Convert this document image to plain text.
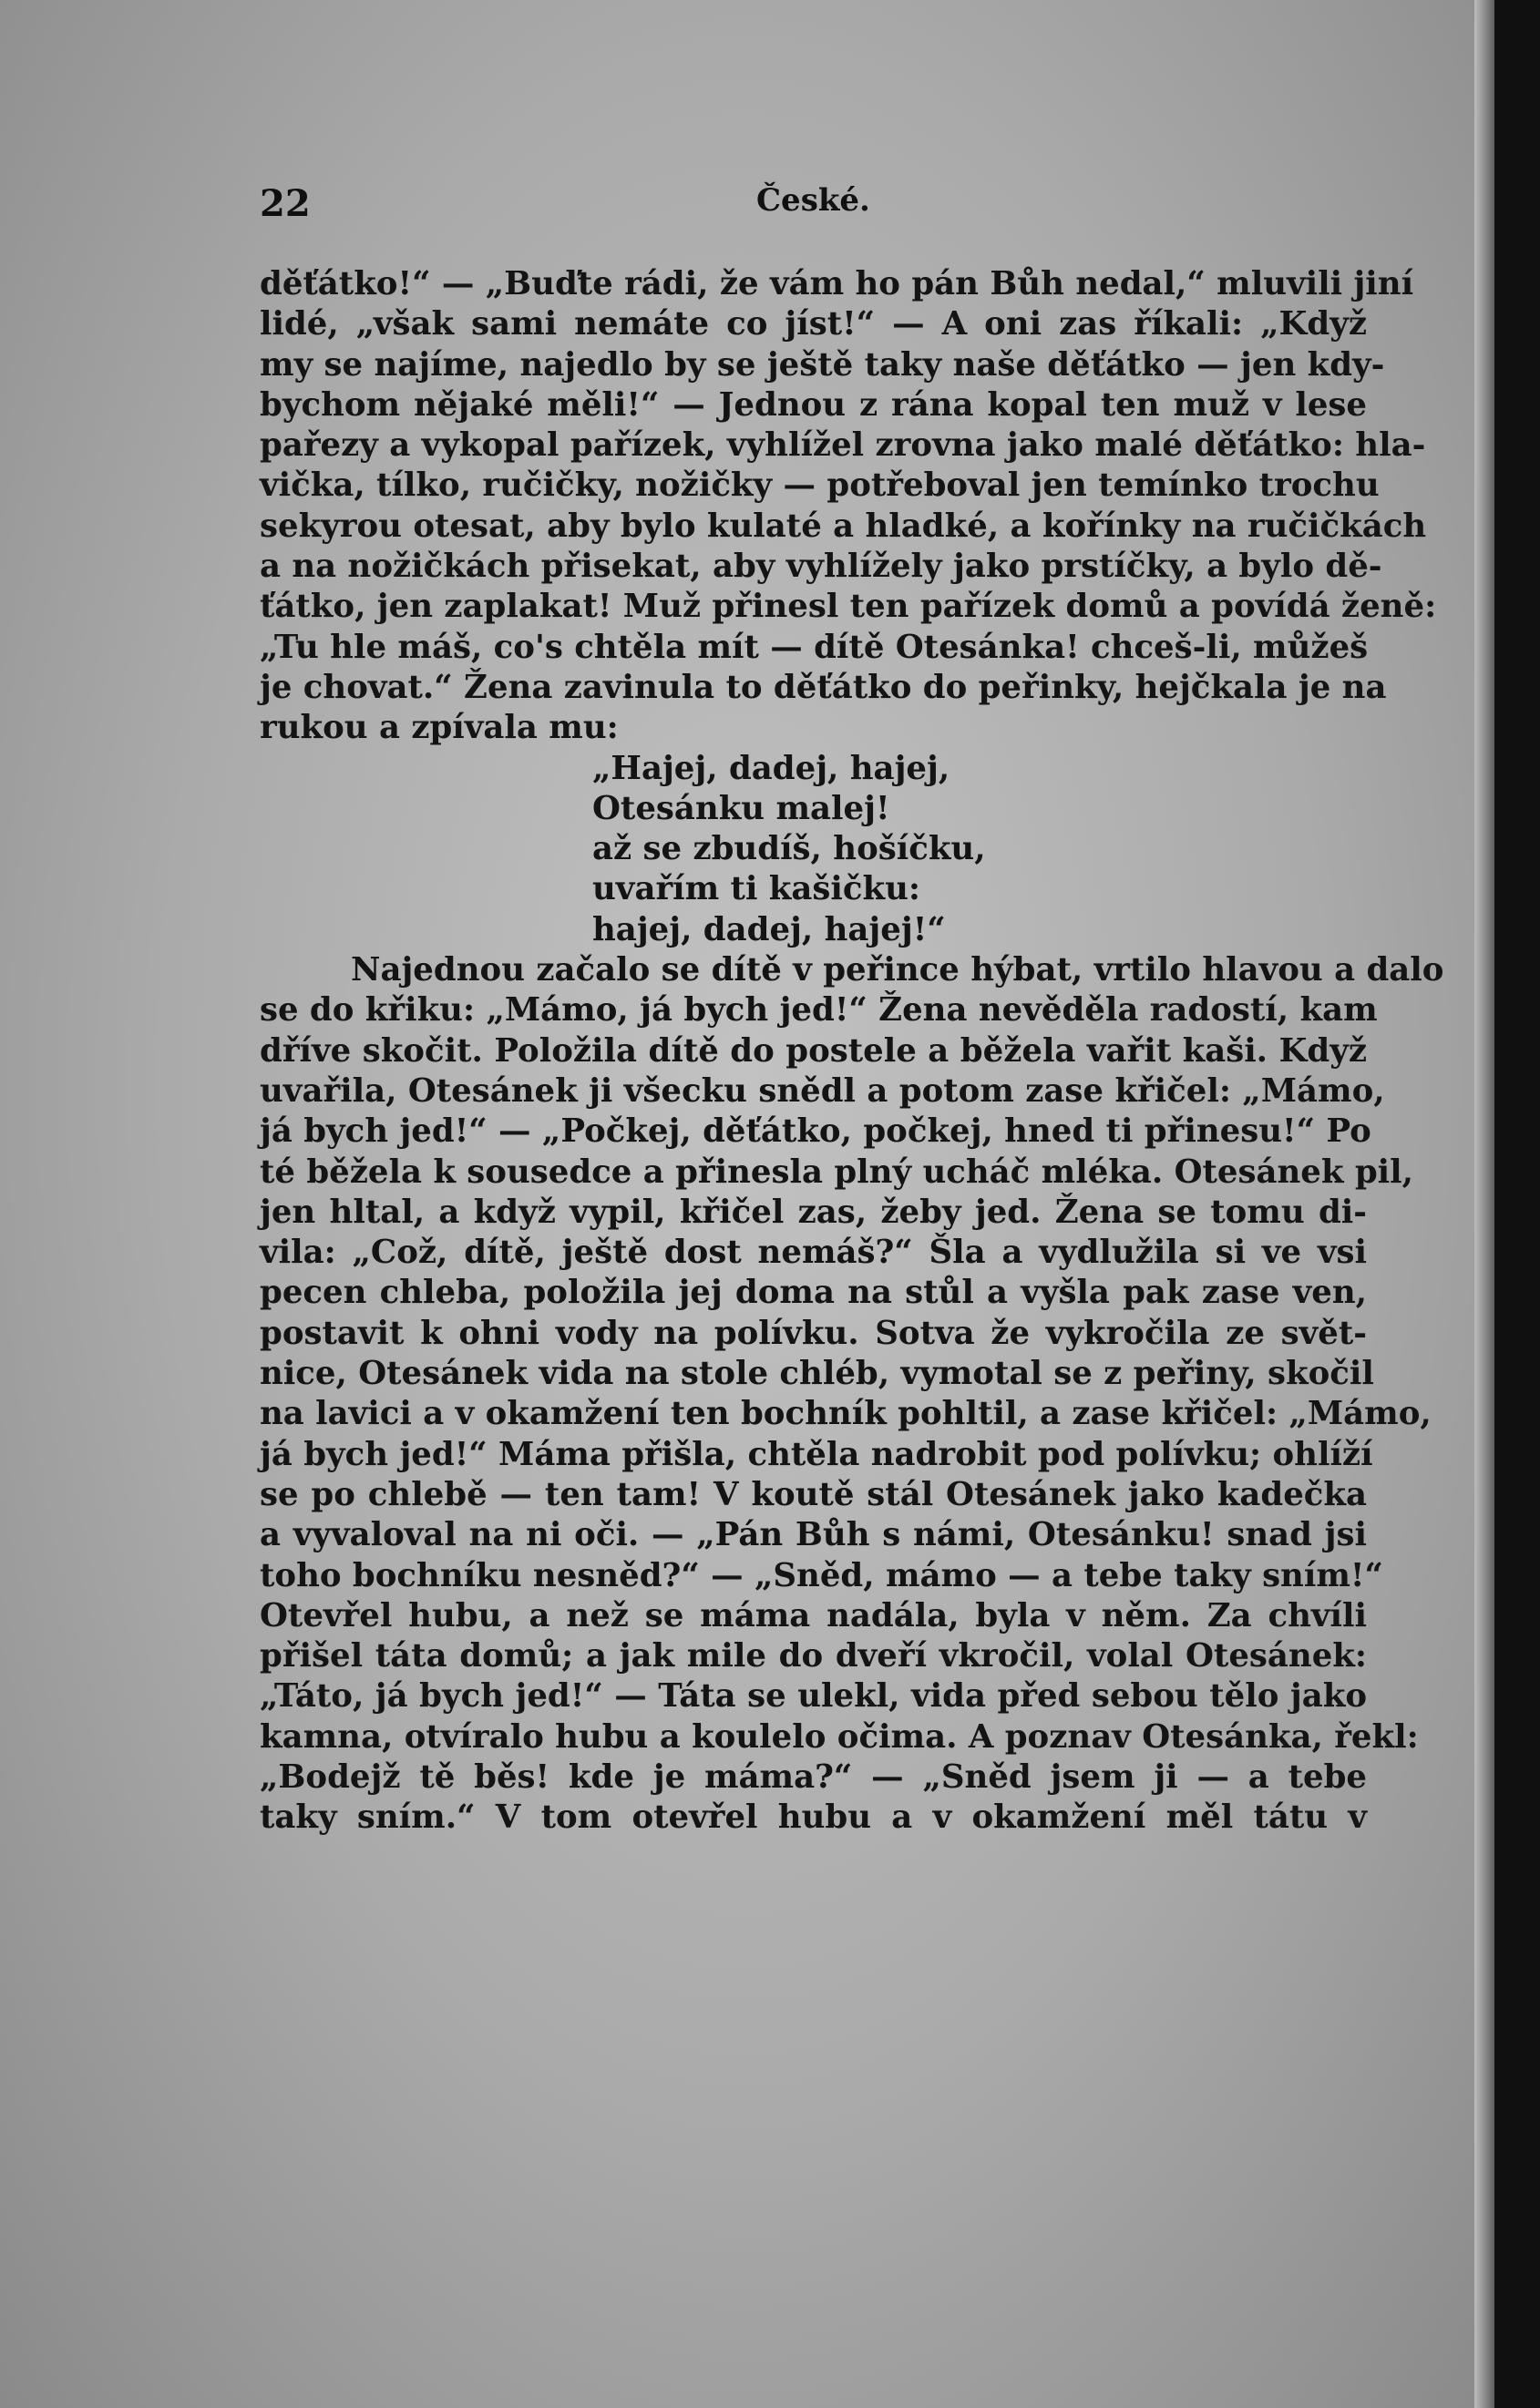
22	České.
děťátko!“ — „Buďte rádi, že vám ho pán Bůh nedal,“ mluvili jiní
lidé, „však sami nemáte co jíst!“ — A oni zas říkali: „Když
my se najíme, najedlo by se ještě taky naše děťátko — jen kdy-
bychom nějaké měli!“ — Jednou z rána kopal ten muž v lese
pařezy a vykopal pařízek, vyhlížel zrovna jako malé děťátko: hla-
vička, tílko, ručičky, nožičky — potřeboval jen temínko trochu
sekyrou otesat, aby bylo kulaté a hladké, a kořínky na ručičkách
a na nožičkách přisekat, aby vyhlížely jako prstíčky, a bylo dě-
ťátko, jen zaplakat! Muž přinesl ten pařízek domů a povídá ženě:
„Tu hle máš, co's chtěla mít — dítě Otesánka! chceš-li, můžeš
je chovat.“ Žena zavinula to děťátko do peřinky, hejčkala je na
rukou a zpívala mu:
„Hajej, dadej, hajej,
Otesánku malej!
až se zbudíš, hošíčku,
uvařím ti kašičku:
hajej, dadej, hajej!“
Najednou začalo se dítě v peřince hýbat, vrtilo hlavou a dalo
se do křiku: „Mámo, já bych jed!“ Žena nevěděla radostí, kam
dříve skočit. Položila dítě do postele a běžela vařit kaši. Když
uvařila, Otesánek ji všecku snědl a potom zase křičel: „Mámo,
já bych jed!“ — „Počkej, děťátko, počkej, hned ti přinesu!“ Po
té běžela k sousedce a přinesla plný ucháč mléka. Otesánek pil,
jen hltal, a když vypil, křičel zas, žeby jed. Žena se tomu di-
vila: „Což, dítě, ještě dost nemáš?“ Šla a vydlužila si ve vsi
pecen chleba, položila jej doma na stůl a vyšla pak zase ven,
postavit k ohni vody na polívku. Sotva že vykročila ze svět-
nice, Otesánek vida na stole chléb, vymotal se z peřiny, skočil
na lavici a v okamžení ten bochník pohltil, a zase křičel: „Mámo,
já bych jed!“ Máma přišla, chtěla nadrobit pod polívku; ohlíží
se po chlebě — ten tam! V koutě stál Otesánek jako kadečka
a vyvaloval na ni oči. — „Pán Bůh s námi, Otesánku! snad jsi
toho bochníku nesněd?“ — „Sněd, mámo — a tebe taky sním!“
Otevřel hubu, a než se máma nadála, byla v něm. Za chvíli
přišel táta domů; a jak mile do dveří vkročil, volal Otesánek:
„Táto, já bych jed!“ — Táta se ulekl, vida před sebou tělo jako
kamna, otvíralo hubu a koulelo očima. A poznav Otesánka, řekl:
„Bodejž tě běs! kde je máma?“ — „Sněd jsem ji — a tebe
taky sním.“ V tom otevřel hubu a v okamžení měl tátu v
